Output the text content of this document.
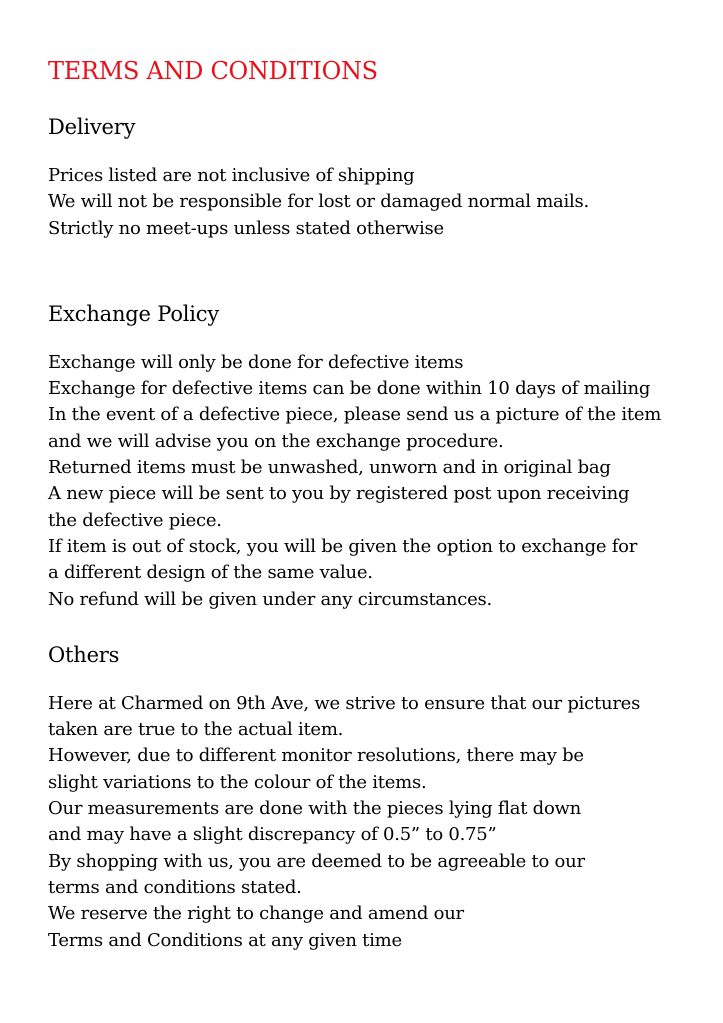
TERMS AND CONDITIONS
Delivery
Prices listed are not inclusive of shipping
We will not be responsible for lost or damaged normal mails.
Strictly no meet-ups unless stated otherwise
Exchange Policy
Exchange will only be done for defective items
Exchange for defective items can be done within 10 days of mailing
In the event of a defective piece, please send us a picture of the item
and we will advise you on the exchange procedure.
Returned items must be unwashed, unworn and in original bag
A new piece will be sent to you by registered post upon receiving
the defective piece.
If item is out of stock, you will be given the option to exchange for
a different design of the same value.
No refund will be given under any circumstances.
Others
Here at Charmed on 9th Ave, we strive to ensure that our pictures
taken are true to the actual item.
However, due to different monitor resolutions, there may be
slight variations to the colour of the items.
Our measurements are done with the pieces lying flat down
and may have a slight discrepancy of 0.5” to 0.75”
By shopping with us, you are deemed to be agreeable to our
terms and conditions stated.
We reserve the right to change and amend our
Terms and Conditions at any given time
